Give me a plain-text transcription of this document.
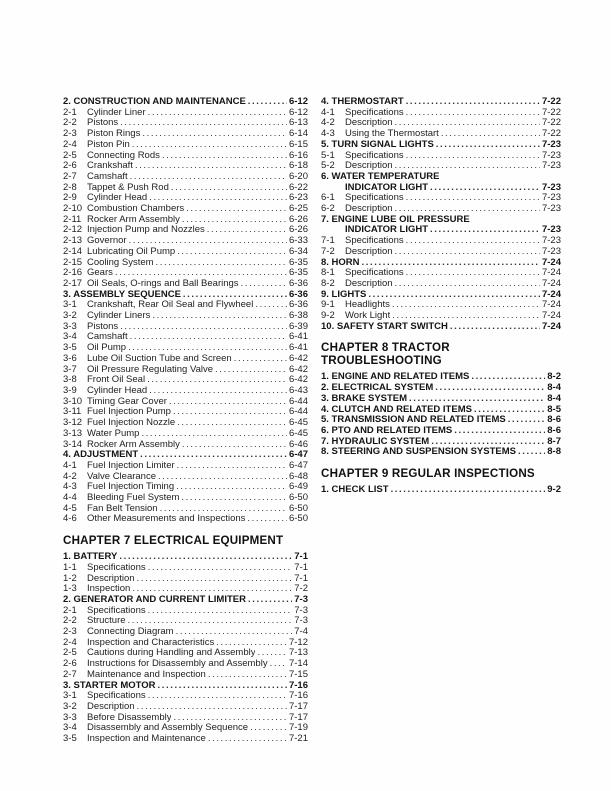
2. CONSTRUCTION AND MAINTENANCE .....	6-12
2-1	Cylinder Liner .....	6-12
2-2	Pistons .....	6-13
2-3	Piston Rings .....	6-14
2-4	Piston Pin .....	6-15
2-5	Connecting Rods .....	6-16
2-6	Crankshaft .....	6-18
2-7	Camshaft .....	6-20
2-8	Tappet & Push Rod .....	6-22
2-9	Cylinder Head .....	6-23
2-10 Combustion Chambers .....	6-25
2-11 Rocker Arm Assembly .....	6-26
2-12 Injection Pump and Nozzles .....	6-26
2-13 Governor .....	6-33
2-14 Lubricating Oil Pump .....	6-34
2-15 Cooling System .....	6-35
2-16 Gears .....	6-35
2-17 Oil Seals, O-rings and Ball Bearings .....	6-36
3. ASSEMBLY SEQUENCE .....	6-36
3-1	Crankshaft, Rear Oil Seal and Flywheel .....	6-36
3-2	Cylinder Liners .....	6-38
3-3	Pistons .....	6-39
3-4	Camshaft .....	6-41
3-5	Oil Pump .....	6-41
3-6	Lube Oil Suction Tube and Screen .....	6-42
3-7	Oil Pressure Regulating Valve .....	6-42
3-8	Front Oil Seal .....	6-42
3-9	Cylinder Head .....	6-43
3-10 Timing Gear Cover .....	6-44
3-11 Fuel Injection Pump .....	6-44
3-12 Fuel Injection Nozzle .....	6-45
3-13 Water Pump .....	6-45
3-14 Rocker Arm Assembly .....	6-46
4. ADJUSTMENT .....	6-47
4-1	Fuel Injection Limiter .....	6-47
4-2	Valve Clearance .....	6-48
4-3	Fuel Injection Timing .....	6-49
4-4	Bleeding Fuel System .....	6-50
4-5	Fan Belt Tension .....	6-50
4-6	Other Measurements and Inspections .....	6-50
CHAPTER 7 ELECTRICAL EQUIPMENT
1. BATTERY .....	7-1
1-1	Specifications .....	7-1
1-2	Description .....	7-1
1-3	Inspection .....	7-2
2. GENERATOR AND CURRENT LIMITER .....	7-3
2-1	Specifications .....	7-3
2-2	Structure .....	7-3
2-3	Connecting Diagram .....	7-4
2-4	Inspection and Characteristics .....	7-12
2-5	Cautions during Handling and Assembly .....	7-13
2-6	Instructions for Disassembly and Assembly ..... 7-14
2-7	Maintenance and Inspection .....	7-15
3. STARTER MOTOR .....	7-16
3-1	Specifications .....	7-16
3-2	Description .....	7-17
3-3	Before Disassembly .....	7-17
3-4	Disassembly and Assembly Sequence .....	7-19
3-5	Inspection and Maintenance .....	7-21
4. THERMOSTART .....	7-22
4-1	Specifications .....	7-22
4-2	Description .....	7-22
4-3	Using the Thermostart .....	7-22
5. TURN SIGNAL LIGHTS .....	7-23
5-1	Specifications .....	7-23
5-2	Description .....	7-23
6. WATER TEMPERATURE
INDICATOR LIGHT .....	7-23
6-1	Specifications .....	7-23
6-2	Description .....	7-23
7. ENGINE LUBE OIL PRESSURE
INDICATOR LIGHT .....	7-23
7-1	Specifications .....	7-23
7-2	Description .....	7-23
8. HORN .....	7-24
8-1	Specifications .....	7-24
8-2	Description .....	7-24
9. LIGHTS .....	7-24
9-1	Headlights .....	7-24
9-2	Work Light .....	7-24
10. SAFETY START SWITCH .....	7-24
CHAPTER 8 TRACTOR TROUBLESHOOTING
1. ENGINE AND RELATED ITEMS .....	8-2
2. ELECTRICAL SYSTEM .....	8-4
3. BRAKE SYSTEM .....	8-4
4. CLUTCH AND RELATED ITEMS .....	8-5
5. TRANSMISSION AND RELATED ITEMS .....	8-6
6. PTO AND RELATED ITEMS .....	8-6
7. HYDRAULIC SYSTEM .....	8-7
8. STEERING AND SUSPENSION SYSTEMS .....	8-8
CHAPTER 9 REGULAR INSPECTIONS
1. CHECK LIST .....	9-2
